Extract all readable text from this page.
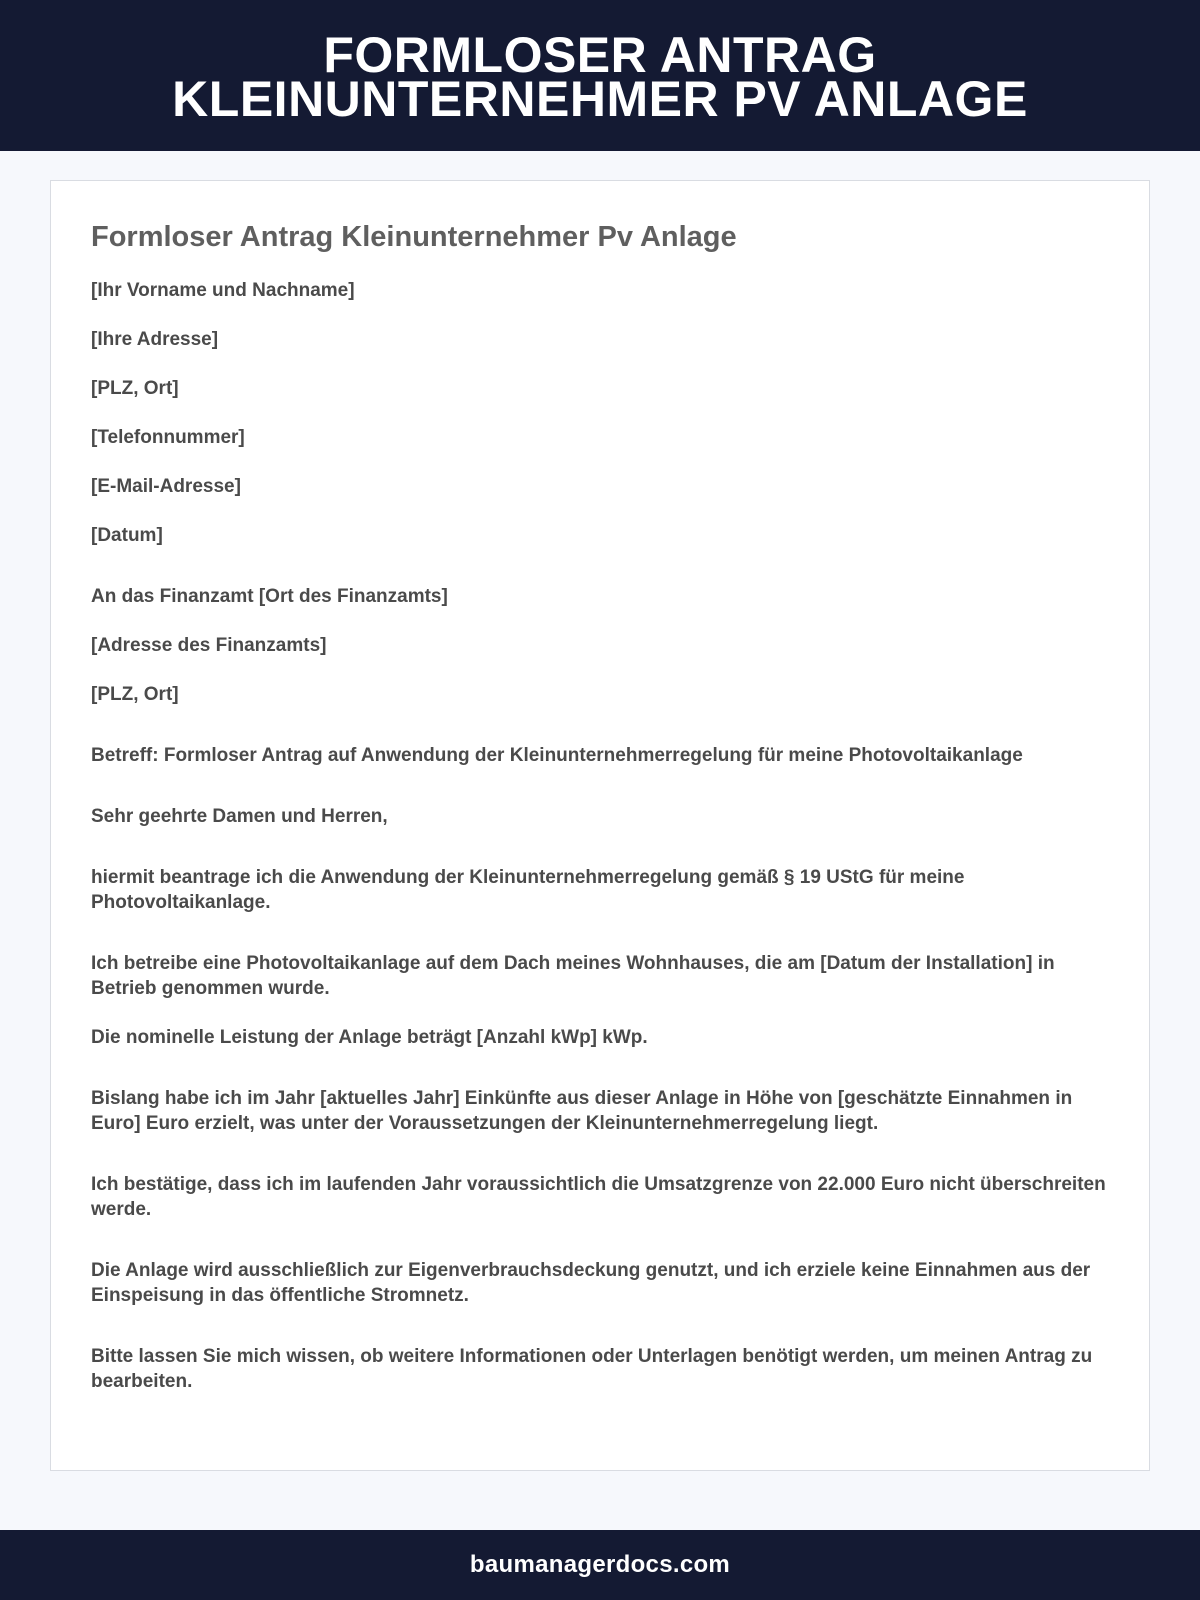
FORMLOSER ANTRAG
KLEINUNTERNEHMER PV ANLAGE
Formloser Antrag Kleinunternehmer Pv Anlage

[Ihr Vorname und Nachname]

[Ihre Adresse]

[PLZ, Ort]

[Telefonnummer]

[E-Mail-Adresse]

[Datum]

An das Finanzamt [Ort des Finanzamts]

[Adresse des Finanzamts]

[PLZ, Ort]

Betreff: Formloser Antrag auf Anwendung der Kleinunternehmerregelung für meine Photovoltaikanlage

Sehr geehrte Damen und Herren,

hiermit beantrage ich die Anwendung der Kleinunternehmerregelung gemäß § 19 UStG für meine Photovoltaikanlage.

Ich betreibe eine Photovoltaikanlage auf dem Dach meines Wohnhauses, die am [Datum der Installation] in Betrieb genommen wurde.

Die nominelle Leistung der Anlage beträgt [Anzahl kWp] kWp.

Bislang habe ich im Jahr [aktuelles Jahr] Einkünfte aus dieser Anlage in Höhe von [geschätzte Einnahmen in Euro] Euro erzielt, was unter der Voraussetzungen der Kleinunternehmerregelung liegt.

Ich bestätige, dass ich im laufenden Jahr voraussichtlich die Umsatzgrenze von 22.000 Euro nicht überschreiten werde.

Die Anlage wird ausschließlich zur Eigenverbrauchsdeckung genutzt, und ich erziele keine Einnahmen aus der Einspeisung in das öffentliche Stromnetz.

Bitte lassen Sie mich wissen, ob weitere Informationen oder Unterlagen benötigt werden, um meinen Antrag zu bearbeiten.

baumanagerdocs.com
